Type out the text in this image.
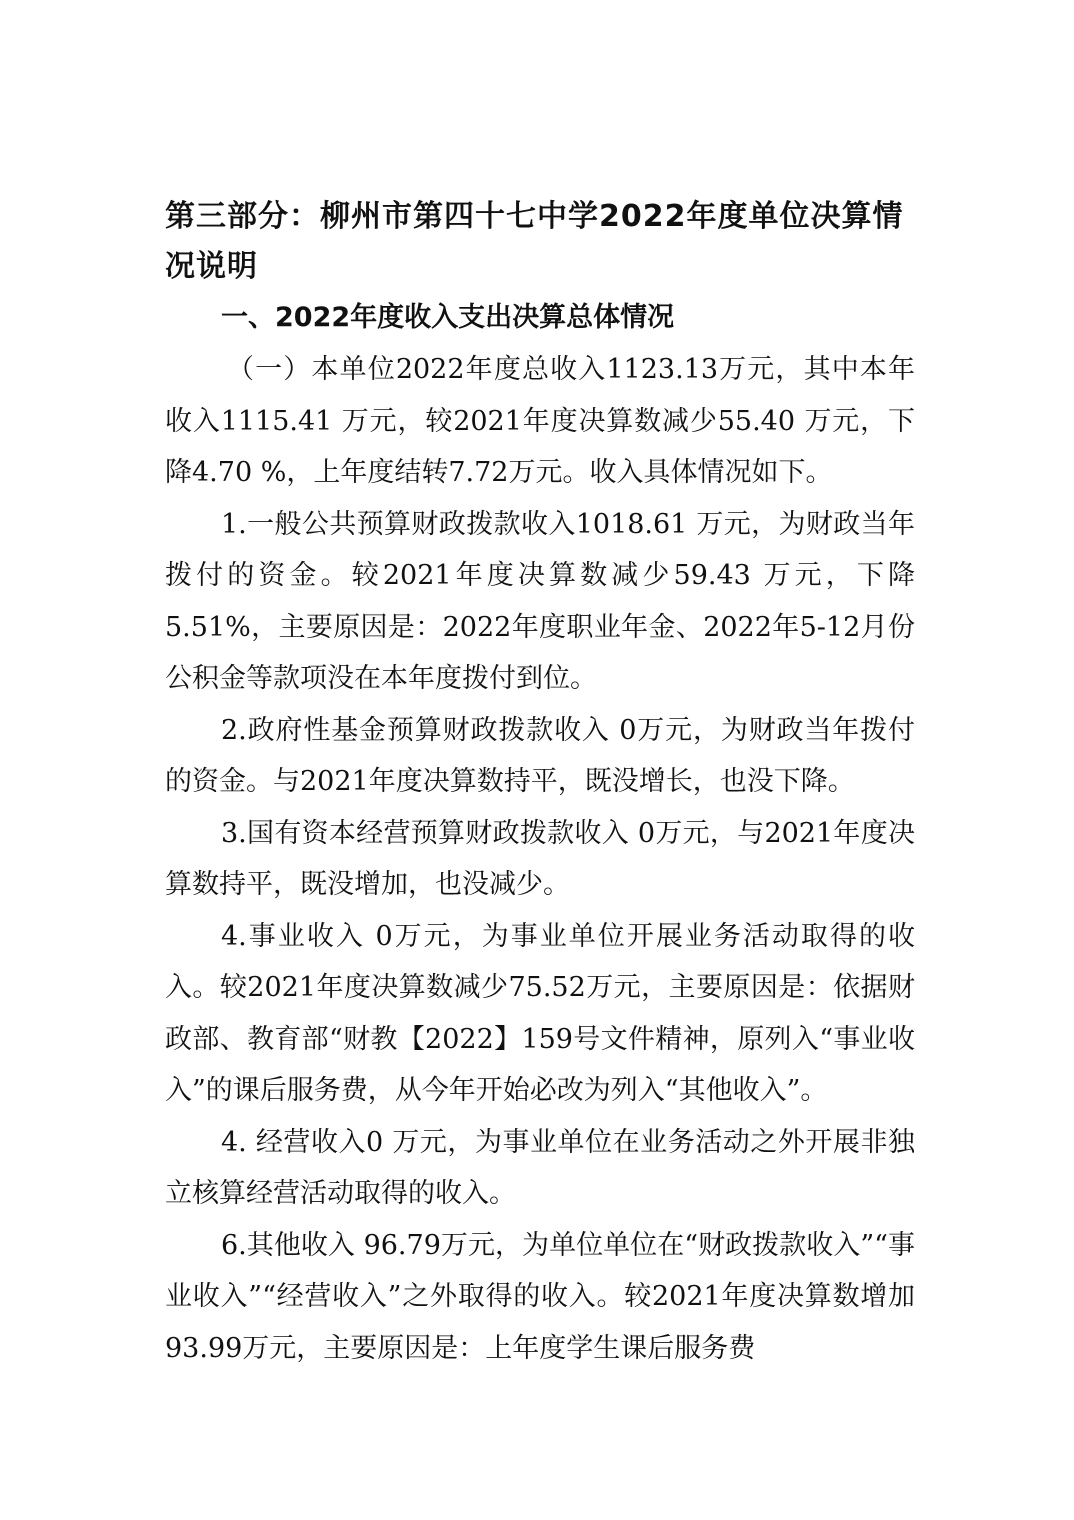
第三部分：柳州市第四十七中学2022年度单位决算情况说明

一、2022年度收入支出决算总体情况

（一）本单位2022年度总收入1123.13万元，其中本年收入1115.41 万元，较2021年度决算数减少55.40 万元，下降4.70 %，上年度结转7.72万元。收入具体情况如下。

1.一般公共预算财政拨款收入1018.61 万元，为财政当年拨付的资金。较2021年度决算数减少59.43 万元，下降5.51%，主要原因是：2022年度职业年金、2022年5-12月份公积金等款项没在本年度拨付到位。

2.政府性基金预算财政拨款收入 0万元，为财政当年拨付的资金。与2021年度决算数持平，既没增长，也没下降。

3.国有资本经营预算财政拨款收入 0万元，与2021年度决算数持平，既没增加，也没减少。

4.事业收入 0万元，为事业单位开展业务活动取得的收入。较2021年度决算数减少75.52万元，主要原因是：依据财政部、教育部“财教【2022】159号文件精神，原列入“事业收入”的课后服务费，从今年开始必改为列入“其他收入”。

4. 经营收入0 万元，为事业单位在业务活动之外开展非独立核算经营活动取得的收入。

6.其他收入 96.79万元，为单位单位在“财政拨款收入”“事业收入”“经营收入”之外取得的收入。较2021年度决算数增加93.99万元，主要原因是：上年度学生课后服务费
